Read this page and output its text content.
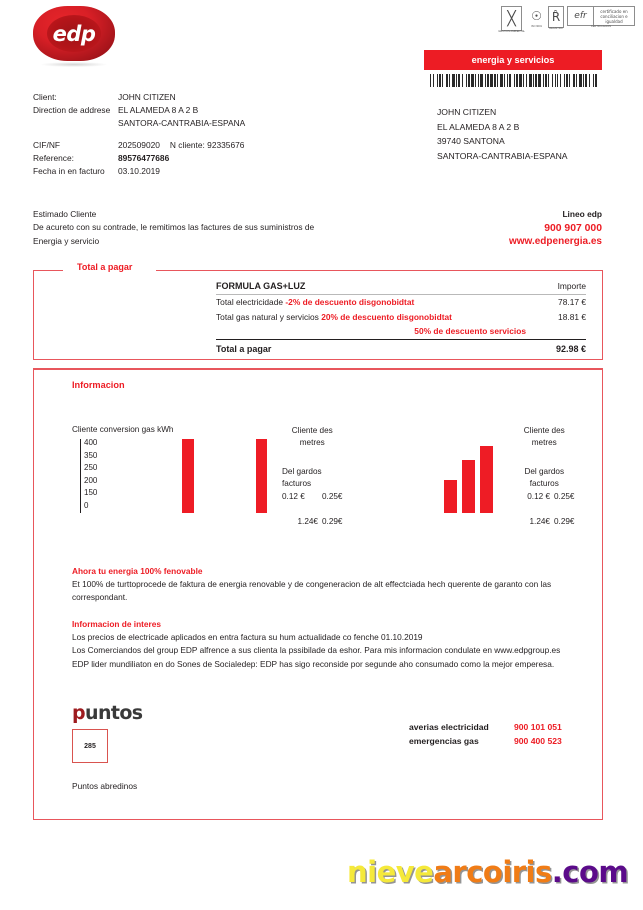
edp
╳
GESTION AMBIENTAL
☉
ISO 9001
R̂
REGISTRO
efr	certificado en conciliacion e igualdad
CERTIFICACION
Client:	JOHN CITIZEN
Direction de addrese EL ALAMEDA 8 A 2 B
SANTORA-CANTRABIA-ESPANA
CIF/NF	202509020 N cliente: 92335676
Reference:	89576477686
Fecha in en facturo	03.10.2019
energia y servicios
JOHN CITIZEN
EL ALAMEDA 8 A 2 B
39740 SANTONA
SANTORA-CANTRABIA-ESPANA
Estimado Cliente
De acureto con su contrade, le remitimos las factures de sus suministros de
Energia y servicio
Lineo edp
900 907 000
www.edpenergia.es
Total a pagar
FORMULA GAS+LUZ	Importe
Total electricidade -2% de descuento disgonobidtat	78.17 €
Total gas natural y servicios 20% de descuento disgonobidtat	18.81 €
50% de descuento servicios
Total a pagar	92.98 €
Informacion
Cliente conversion gas kWh
400
350
250
200
150
0
Cliente des metres
Del gardos facturos
0.12 €	0.25€
1.24€ 0.29€
Cliente des metres
Del gardos facturos
0.12 € 0.25€
1.24€ 0.29€
Ahora tu energia 100% fenovable
Et 100% de turttoprocede de faktura de energia renovable y de congeneracion de alt effectciada hech querente de garanto con las correspondant.
Informacion de interes
Los precios de electricade aplicados en entra factura su hum actualidade co fenche 01.10.2019
Los Comerciandos del group EDP alfrence a sus clienta la pssibilade da eshor. Para mis informacion condulate en www.edpgroup.es
EDP lider mundiliaton en do Sones de Socialedep: EDP has sigo reconside por segunde aho consumado como la mejor emperesa.
puntos
285
Puntos abredinos
averias electricidad	900 101 051
emergencias gas	900 400 523
nievearcoiris.com
